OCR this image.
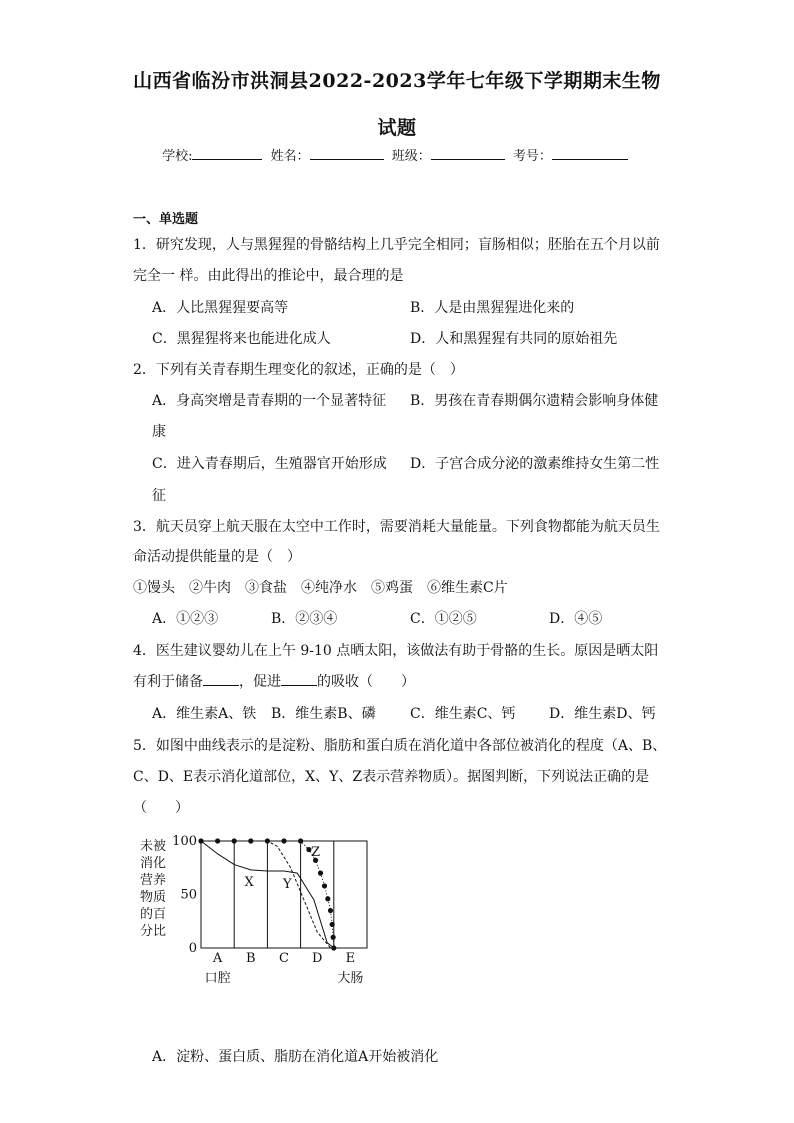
山西省临汾市洪洞县2022-2023学年七年级下学期期末生物
试题
学校:	姓名：	班级：	考号：
一、单选题
1．研究发现，人与黑猩猩的骨骼结构上几乎完全相同；盲肠相似；胚胎在五个月以前
完全一 样。由此得出的推论中，最合理的是
A．人比黑猩猩要高等	B．人是由黑猩猩进化来的
C．黑猩猩将来也能进化成人	D．人和黑猩猩有共同的原始祖先
2．下列有关青春期生理变化的叙述，正确的是（　）
A．身高突增是青春期的一个显著特征 B．男孩在青春期偶尔遗精会影响身体健
康
C．进入青春期后，生殖器官开始形成 D．子宫合成分泌的激素维持女生第二性
征
3．航天员穿上航天服在太空中工作时，需要消耗大量能量。下列食物都能为航天员生
命活动提供能量的是（　）
①馒头　②牛肉　③食盐　④纯净水　⑤鸡蛋　⑥维生素C片
A．①②③	B．②③④	C．①②⑤	D．④⑤
4．医生建议婴幼儿在上午 9-10 点晒太阳，该做法有助于骨骼的生长。原因是晒太阳
有利于储备	，促进	的吸收（　　）
A．维生素A、铁 B．维生素B、磷 C．维生素C、钙 D．维生素D、钙
5．如图中曲线表示的是淀粉、脂肪和蛋白质在消化道中各部位被消化的程度（A、B、
C、D、E表示消化道部位，X、Y、Z表示营养物质）。据图判断，下列说法正确的是
（　　）
100
50
0
未被
消化
营养
物质
的百
分比
A B C D E
口腔	大肠
X Y
Z
A．淀粉、蛋白质、脂肪在消化道A开始被消化
